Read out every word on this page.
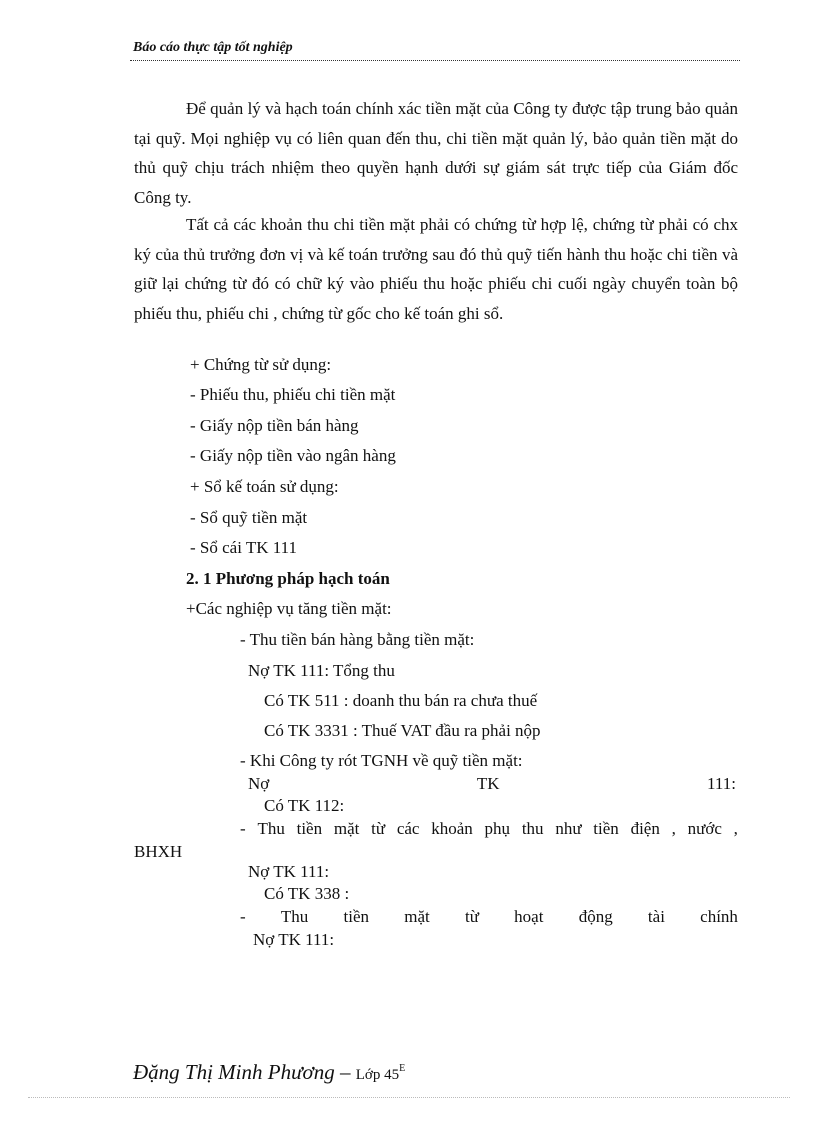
Báo cáo thực tập tốt nghiệp
Để quản lý và hạch toán chính xác tiền mặt của Công ty được tập trung bảo quản tại quỹ. Mọi nghiệp vụ có liên quan đến thu, chi tiền mặt quản lý, bảo quản tiền mặt do thủ quỹ chịu trách nhiệm theo quyền hạnh dưới sự giám sát trực tiếp của Giám đốc Công ty.
Tất cả các khoản thu chi tiền mặt phải có chứng từ hợp lệ, chứng từ phải có chx ký của thủ trưởng đơn vị và kế toán trưởng sau đó thủ quỹ tiến hành thu hoặc chi tiền và giữ lại chứng từ đó có chữ ký vào phiếu thu hoặc phiếu chi cuối ngày chuyển toàn bộ phiếu thu, phiếu chi , chứng từ gốc cho kế toán ghi sổ.
+ Chứng từ sử dụng:
- Phiếu thu, phiếu chi tiền mặt
- Giấy nộp tiền bán hàng
- Giấy nộp tiền vào ngân hàng
+ Sổ kế toán sử dụng:
- Sổ quỹ tiền mặt
- Sổ cái TK 111
2. 1 Phương pháp hạch toán
+Các nghiệp vụ tăng tiền mặt:
- Thu tiền bán hàng bằng tiền mặt:
Nợ TK 111: Tổng thu
Có TK 511 : doanh thu bán ra chưa thuế
Có TK 3331 : Thuế VAT đầu ra phải nộp
- Khi Công ty rót TGNH về quỹ tiền mặt:
Nợ	TK	111:
Có TK 112:
- Thu tiền mặt từ các khoản phụ thu như tiền điện , nước ,
BHXH
Nợ TK 111:
Có TK 338 :
- Thu tiền mặt từ hoạt động tài chính
Nợ TK 111:
Đặng Thị Minh Phương – Lớp $45^E$
